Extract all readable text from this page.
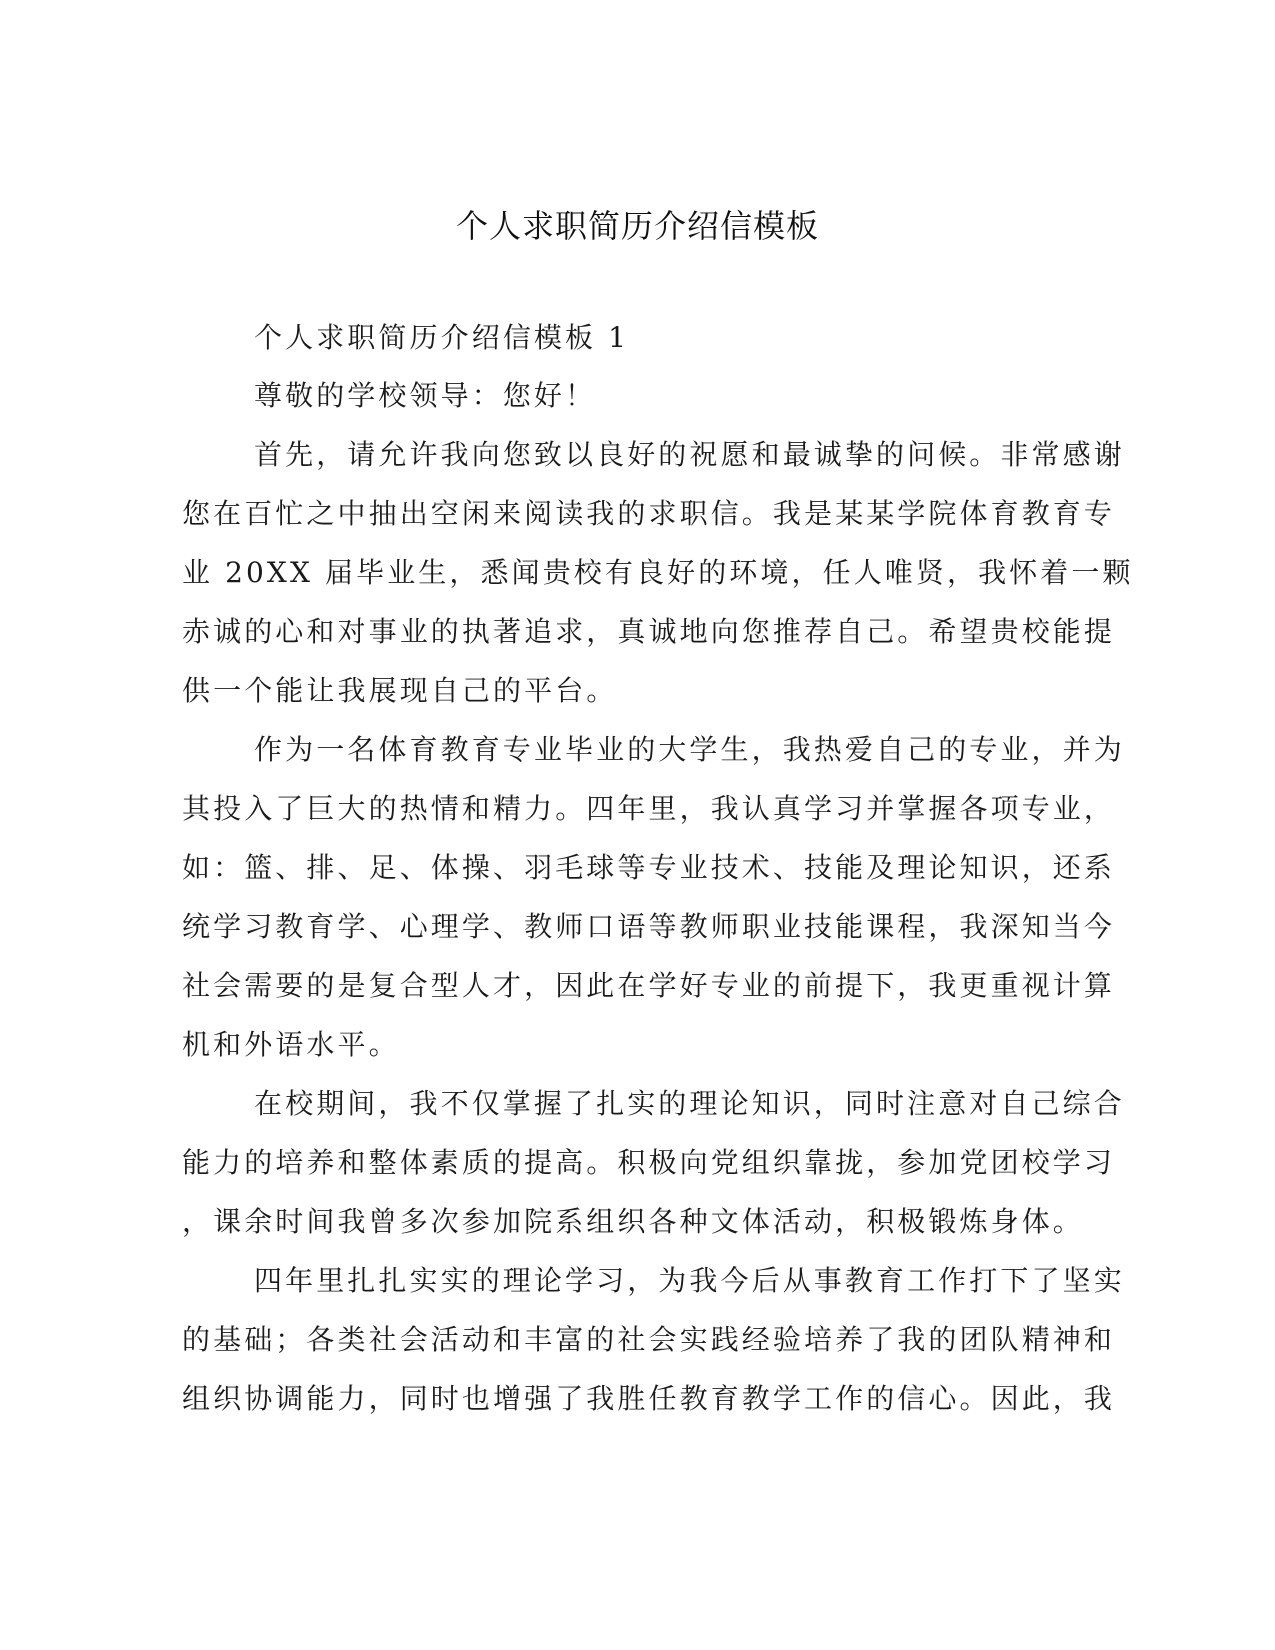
个人求职简历介绍信模板
个人求职简历介绍信模板 1
尊敬的学校领导：您好！
首先，请允许我向您致以良好的祝愿和最诚挚的问候。非常感谢
您在百忙之中抽出空闲来阅读我的求职信。我是某某学院体育教育专
业 20XX 届毕业生，悉闻贵校有良好的环境，任人唯贤，我怀着一颗
赤诚的心和对事业的执著追求，真诚地向您推荐自己。希望贵校能提
供一个能让我展现自己的平台。
作为一名体育教育专业毕业的大学生，我热爱自己的专业，并为
其投入了巨大的热情和精力。四年里，我认真学习并掌握各项专业，
如：篮、排、足、体操、羽毛球等专业技术、技能及理论知识，还系
统学习教育学、心理学、教师口语等教师职业技能课程，我深知当今
社会需要的是复合型人才，因此在学好专业的前提下，我更重视计算
机和外语水平。
在校期间，我不仅掌握了扎实的理论知识，同时注意对自己综合
能力的培养和整体素质的提高。积极向党组织靠拢，参加党团校学习
，课余时间我曾多次参加院系组织各种文体活动，积极锻炼身体。
四年里扎扎实实的理论学习，为我今后从事教育工作打下了坚实
的基础；各类社会活动和丰富的社会实践经验培养了我的团队精神和
组织协调能力，同时也增强了我胜任教育教学工作的信心。因此，我
